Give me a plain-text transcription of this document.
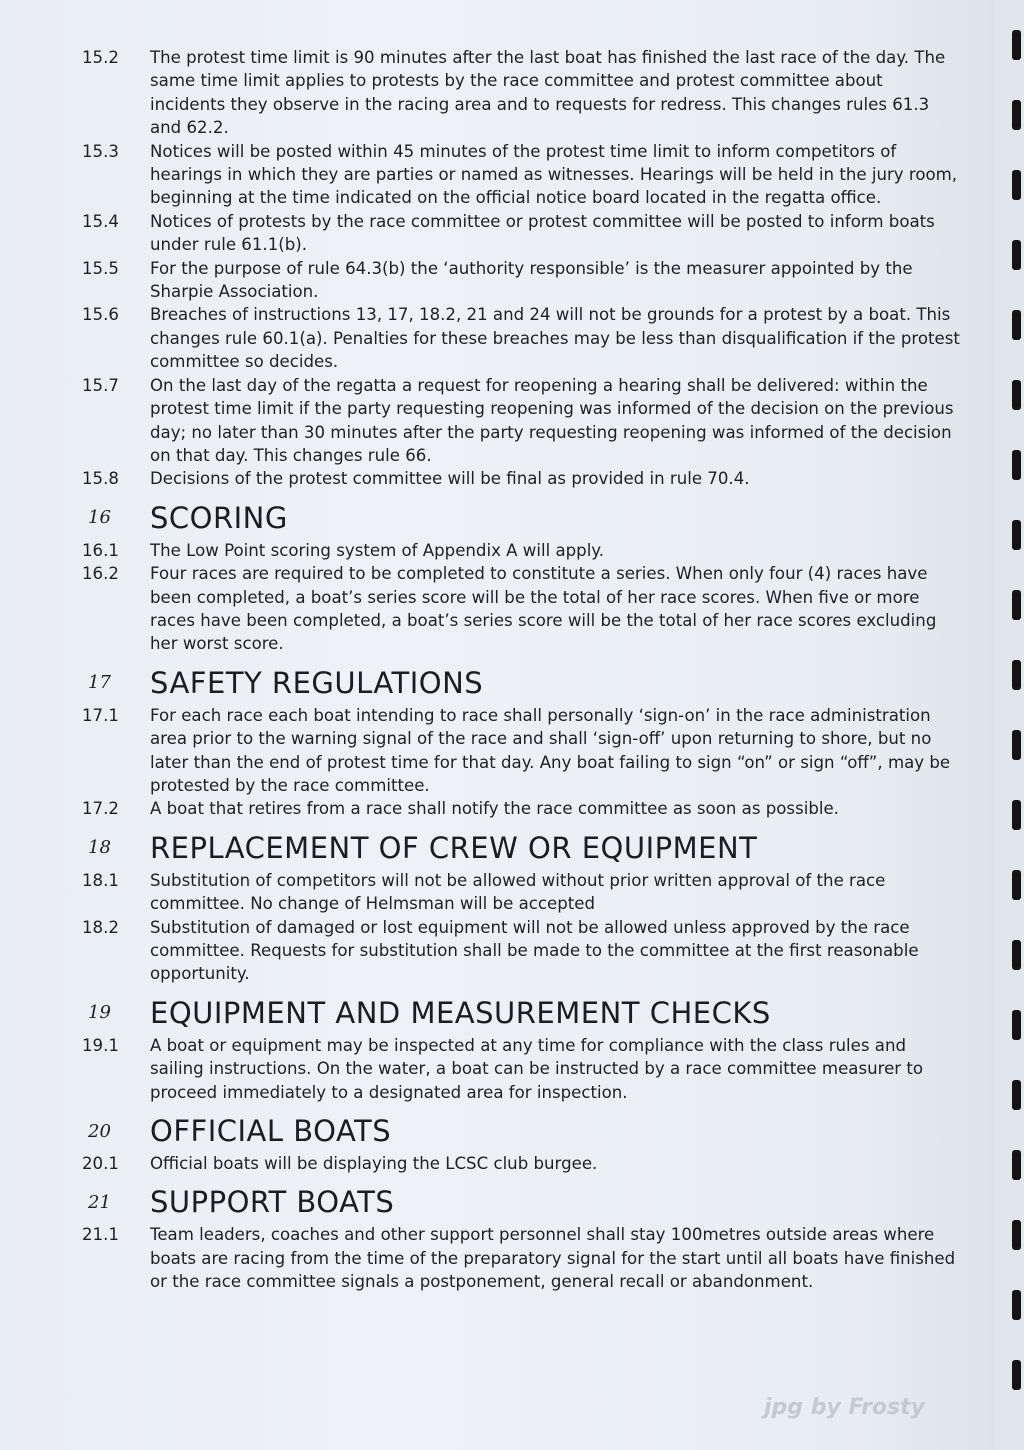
15.2	The protest time limit is 90 minutes after the last boat has finished the last race of the day. The same time limit applies to protests by the race committee and protest committee about incidents they observe in the racing area and to requests for redress. This changes rules 61.3 and 62.2.
15.3	Notices will be posted within 45 minutes of the protest time limit to inform competitors of hearings in which they are parties or named as witnesses. Hearings will be held in the jury room, beginning at the time indicated on the official notice board located in the regatta office.
15.4	Notices of protests by the race committee or protest committee will be posted to inform boats under rule 61.1(b).
15.5	For the purpose of rule 64.3(b) the ‘authority responsible’ is the measurer appointed by the Sharpie Association.
15.6	Breaches of instructions 13, 17, 18.2, 21 and 24 will not be grounds for a protest by a boat. This changes rule 60.1(a). Penalties for these breaches may be less than disqualification if the protest committee so decides.
15.7	On the last day of the regatta a request for reopening a hearing shall be delivered: within the protest time limit if the party requesting reopening was informed of the decision on the previous day; no later than 30 minutes after the party requesting reopening was informed of the decision on that day. This changes rule 66.
15.8	Decisions of the protest committee will be final as provided in rule 70.4.
16	SCORING
16.1	The Low Point scoring system of Appendix A will apply.
16.2	Four races are required to be completed to constitute a series. When only four (4) races have been completed, a boat’s series score will be the total of her race scores. When five or more races have been completed, a boat’s series score will be the total of her race scores excluding her worst score.
17	SAFETY REGULATIONS
17.1	For each race each boat intending to race shall personally ‘sign-on’ in the race administration area prior to the warning signal of the race and shall ‘sign-off’ upon returning to shore, but no later than the end of protest time for that day. Any boat failing to sign “on” or sign “off”, may be protested by the race committee.
17.2	A boat that retires from a race shall notify the race committee as soon as possible.
18	REPLACEMENT OF CREW OR EQUIPMENT
18.1	Substitution of competitors will not be allowed without prior written approval of the race committee. No change of Helmsman will be accepted
18.2	Substitution of damaged or lost equipment will not be allowed unless approved by the race committee. Requests for substitution shall be made to the committee at the first reasonable opportunity.
19	EQUIPMENT AND MEASUREMENT CHECKS
19.1	A boat or equipment may be inspected at any time for compliance with the class rules and sailing instructions. On the water, a boat can be instructed by a race committee measurer to proceed immediately to a designated area for inspection.
20	OFFICIAL BOATS
20.1	Official boats will be displaying the LCSC club burgee.
21	SUPPORT BOATS
21.1	Team leaders, coaches and other support personnel shall stay 100metres outside areas where boats are racing from the time of the preparatory signal for the start until all boats have finished or the race committee signals a postponement, general recall or abandonment.
jpg by Frosty
